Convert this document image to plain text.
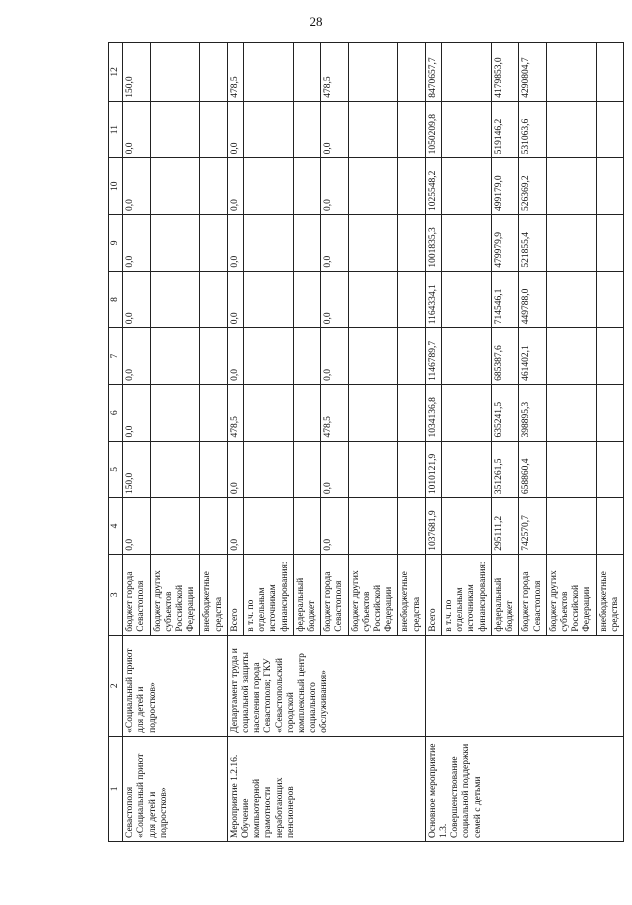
28
1	2	3	4	5	6	7	8	9	10	11	12
Севастополя «Социальный приют для детей и подростков»	«Социальный приют для детей и подростков»	бюджет города Севастополя	0,0	150,0	0,0	0,0	0,0	0,0	0,0	0,0	150,0
		бюджет других субъектов Российской Федерации									
		внебюджетные средства									
Мероприятие 1.2.16. Обучение компьютерной грамотности неработающих пенсионеров	Департамент труда и социальной защиты населения города Севастополя; ГКУ «Севастопольский городской комплексный центр социального обслуживания»	Всего	0,0	0,0	478,5	0,0	0,0	0,0	0,0	0,0	478,5
		в т.ч. по отдельным источникам финансирования:									
		федеральный бюджет									
		бюджет города Севастополя	0,0	0,0	478,5	0,0	0,0	0,0	0,0	0,0	478,5
		бюджет других субъектов Российской Федерации									
		внебюджетные средства									
Основное мероприятие 1.3. Совершенствование социальной поддержки семей с детьми		Всего	1037681,9	1010121,9	1034136,8	1146789,7	1164334,1	1001835,3	1025548,2	1050209,8	8470657,7
		в т.ч. по отдельным источникам финансирования:									
		федеральный бюджет	295111,2	351261,5	635241,5	685387,6	714546,1	479979,9	499179,0	519146,2	4179853,0
		бюджет города Севастополя	742570,7	658860,4	398895,3	461402,1	449788,0	521855,4	526369,2	531063,6	4290804,7
		бюджет других субъектов Российской Федерации									
		внебюджетные средства									
